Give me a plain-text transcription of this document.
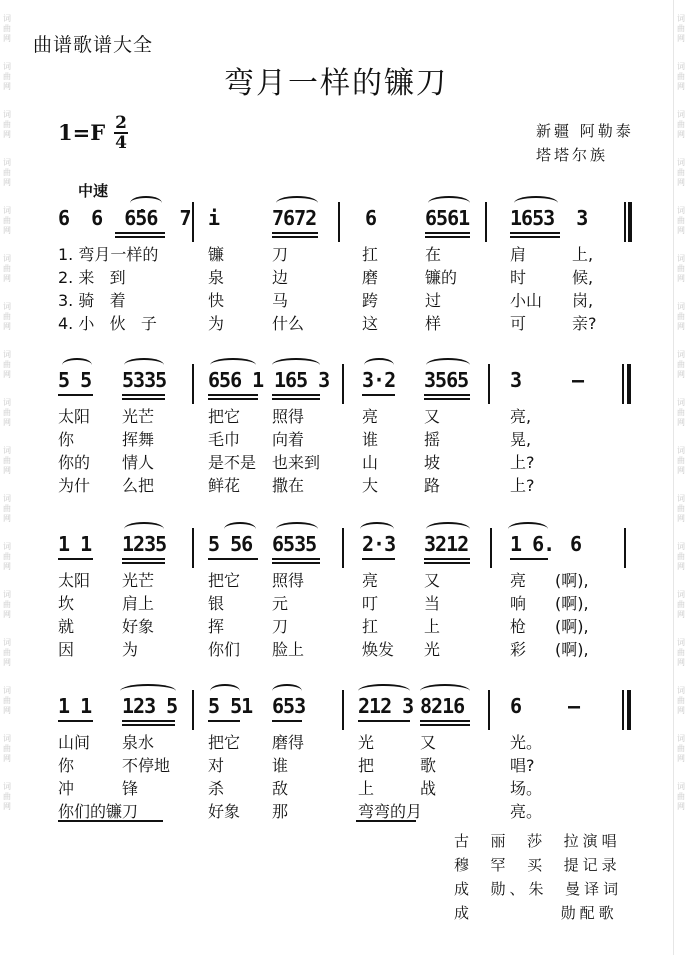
词
曲
网
词
曲
网
词
曲
网
词
曲
网
词
曲
网
词
曲
网
词
曲
网
词
曲
网
词
曲
网
词
曲
网
词
曲
网
词
曲
网
词
曲
网
词
曲
网
词
曲
网
词
曲
网
词
曲
网
词
曲
网
词
曲
网
词
曲
网
词
曲
网
词
曲
网
词
曲
网
词
曲
网
词
曲
网
词
曲
网
词
曲
网
词
曲
网
词
曲
网
词
曲
网
词
曲
网
词
曲
网
词
曲
网
词
曲
网
曲谱歌谱大全
弯月一样的镰刀
1=F 2
4
新疆 阿勒泰
塔塔尔族
中速
6  6  6̇56  7 i	7672 6 6561 1653  3
1. 弯月一样的	镰	刀	扛	在	肩	上,
2. 来   到	泉	边	磨	镰的	时	候,
3. 骑   着	快	马	跨	过	小山 岗,
4. 小   伙   子	为	什么	这	样	可	亲?
5 5 5335 656 1 165 3 3·2 3565 3	–
太阳 光芒	把它 照得	亮	又	亮,
你	挥舞	毛巾 向着	谁	摇	晃,
你的 情人	是不是 也来到	山	坡	上?
为什 么把	鲜花 撒在	大	路	上?
1 1 1235 5 56 6535 2·3 3212 1 6. 6
太阳 光芒	把它 照得	亮	又	亮 (啊),
坎	肩上	银	元	叮	当	响 (啊),
就	好象	挥	刀	扛	上	枪 (啊),
因	为	你们 脸上	焕发 光	彩 (啊),
1 1 123 5 5 51 653	212 3 8216 6 –
山间 泉水	把它 磨得	光	又	光。
你	不停地 对	谁	把	歌	唱?
冲	锋	杀	敌	上	战	场。
你们的镰刀	好象 那	弯弯的月	亮。
古  丽  莎  拉演唱
穆  罕  买  提记录
成  勋、朱  曼译词
成          勋配歌
